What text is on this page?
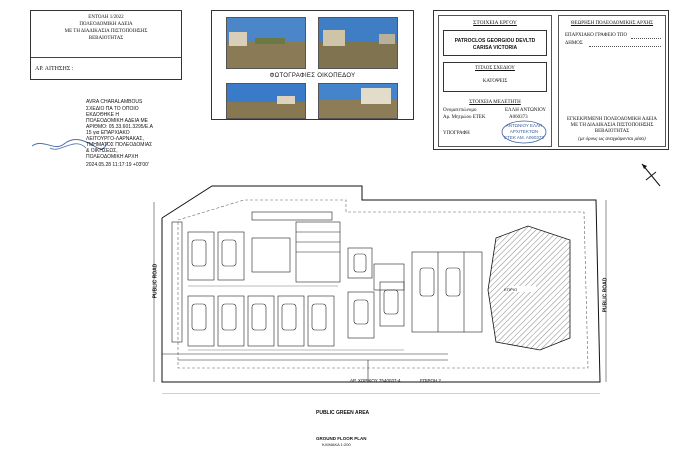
ΕΝΤΟΛΗ 1/2022
ΠΟΛΕΟΔΟΜΙΚΗ ΑΔΕΙΑ
ΜΕ ΤΗ ΔΙΑΔΙΚΑΣΙΑ ΠΙΣΤΟΠΟΙΗΣΗΣ
ΒΕΒΑΙΟΤΗΤΑΣ
ΑΡ. ΑΙΤΗΣΗΣ :
ΦΩΤΟΓΡΑΦΙΕΣ ΟΙΚΟΠΕΔΟΥ
AVRA CHARALAMBOUS
ΣΧΕΔΙΟ ΠΑ ΤΟ ΟΠΟΙΟ
ΕΚΔΟΘΗΚΕ Η
ΠΟΛΕΟΔΟΜΙΚΗ ΑΔΕΙΑ ΜΕ
ΑΡΙΘΜΟ: 05.33.601.3295/Ε.Α
15 για ΕΠΑΡΧΙΑΚΟ
ΛΕΙΤΟΥΡΓΟ-ΛΑΡΝΑΚΑΣ,
ΤΜΗΜΑΤΟΣ ΠΟΛΕΟΔΟΜΙΑΣ
& ΟΙΚΗΣΕΩΣ,
ΠΟΛΕΟΔΟΜΙΚΗ ΑΡΧΗ
2024.05.28 11:17:19 +03'00'
ΣΤΟΙΧΕΙΑ ΕΡΓΟΥ
PATROCLOS GEORGIOU DEVLTD
CARISA VICTORIA
ΤΙΤΛΟΣ ΣΧΕΔΙΟΥ
ΚΑΤΟΨΕΙΣ
ΣΤΟΙΧΕΙΑ ΜΕΛΕΤΗΤΗ
Ονοματεπώνυμο	ΕΛΛΗ ΑΝΤΩΝΙΟΥ
Αρ. Μητρώου ΕΤΕΚ	Α060373
ΥΠΟΓΡΑΦΗ
ΑΝΤΩΝΙΟΥ ΕΛΛΗ
ΑΡΧΙΤΕΚΤΩΝ
ΕΤΕΚ ΑΜ. Α060373
ΘΕΩΡΗΣΗ ΠΟΛΕΟΔΟΜΙΚΗΣ ΑΡΧΗΣ
ΕΠΑΡΧΙΑΚΟ ΓΡΑΦΕΙΟ ΤΠΟ
ΔΗΜΟΣ
ΕΓΚΕΚΡΙΜΕΝΗ ΠΟΛΕΟΔΟΜΙΚΗ ΑΔΕΙΑ
ΜΕ ΤΗ ΔΙΑΔΙΚΑΣΙΑ ΠΙΣΤΟΠΟΙΗΣΗΣ
ΒΕΒΑΙΟΤΗΤΑΣ
(με όρους ως αναγράφονται μέσα)
PUBLIC ROAD	PUBLIC ROAD
ΚΤΙΡΙΟ
ΑΡ. ΧΩΡΙΚΟΥ 7540037-4	ΕΠΙΡΟΗ 2
PUBLIC GREEN AREA
GROUND FLOOR PLAN
ΚΛΙΜΑΚΑ 1:200
